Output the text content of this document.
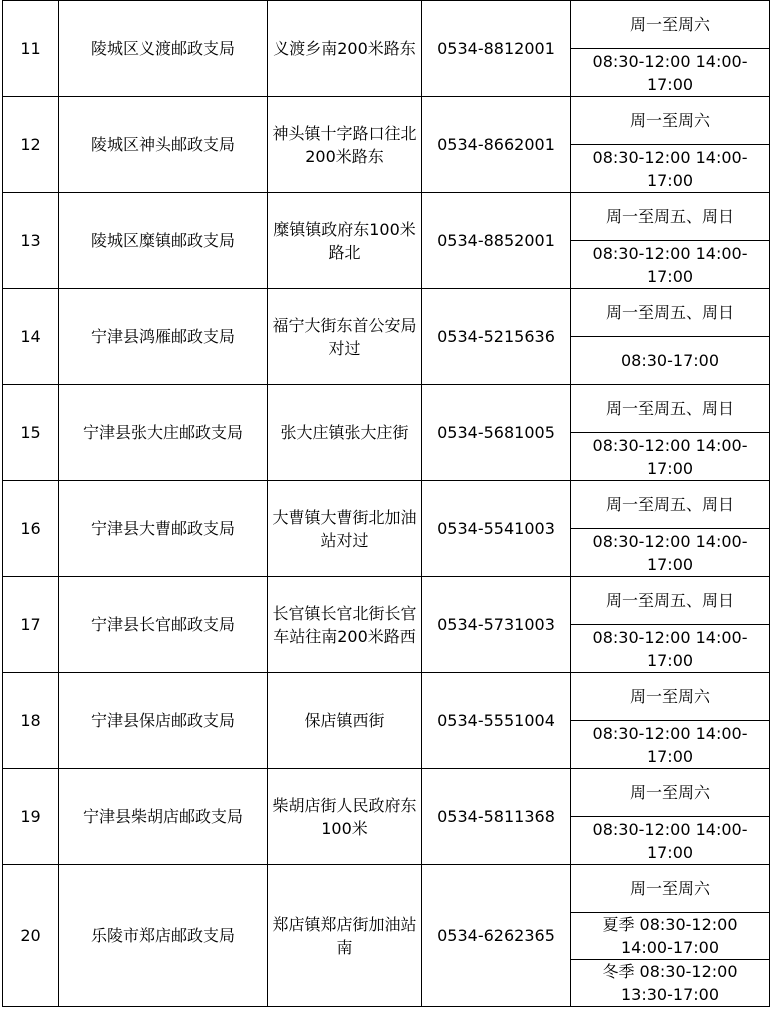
11	陵城区义渡邮政支局	义渡乡南200米路东	0534-8812001	周一至周六
				08:30-12:00 14:00-17:00
12	陵城区神头邮政支局	神头镇十字路口往北200米路东	0534-8662001	周一至周六
				08:30-12:00 14:00-17:00
13	陵城区糜镇邮政支局	糜镇镇政府东100米路北	0534-8852001	周一至周五、周日
				08:30-12:00 14:00-17:00
14	宁津县鸿雁邮政支局	福宁大街东首公安局对过	0534-5215636	周一至周五、周日
				08:30-17:00
15	宁津县张大庄邮政支局	张大庄镇张大庄街	0534-5681005	周一至周五、周日
				08:30-12:00 14:00-17:00
16	宁津县大曹邮政支局	大曹镇大曹街北加油站对过	0534-5541003	周一至周五、周日
				08:30-12:00 14:00-17:00
17	宁津县长官邮政支局	长官镇长官北街长官车站往南200米路西	0534-5731003	周一至周五、周日
				08:30-12:00 14:00-17:00
18	宁津县保店邮政支局	保店镇西街	0534-5551004	周一至周六
				08:30-12:00 14:00-17:00
19	宁津县柴胡店邮政支局	柴胡店街人民政府东100米	0534-5811368	周一至周六
				08:30-12:00 14:00-17:00
20	乐陵市郑店邮政支局	郑店镇郑店街加油站南	0534-6262365	周一至周六
				夏季 08:30-12:00 14:00-17:00
				冬季 08:30-12:00 13:30-17:00
